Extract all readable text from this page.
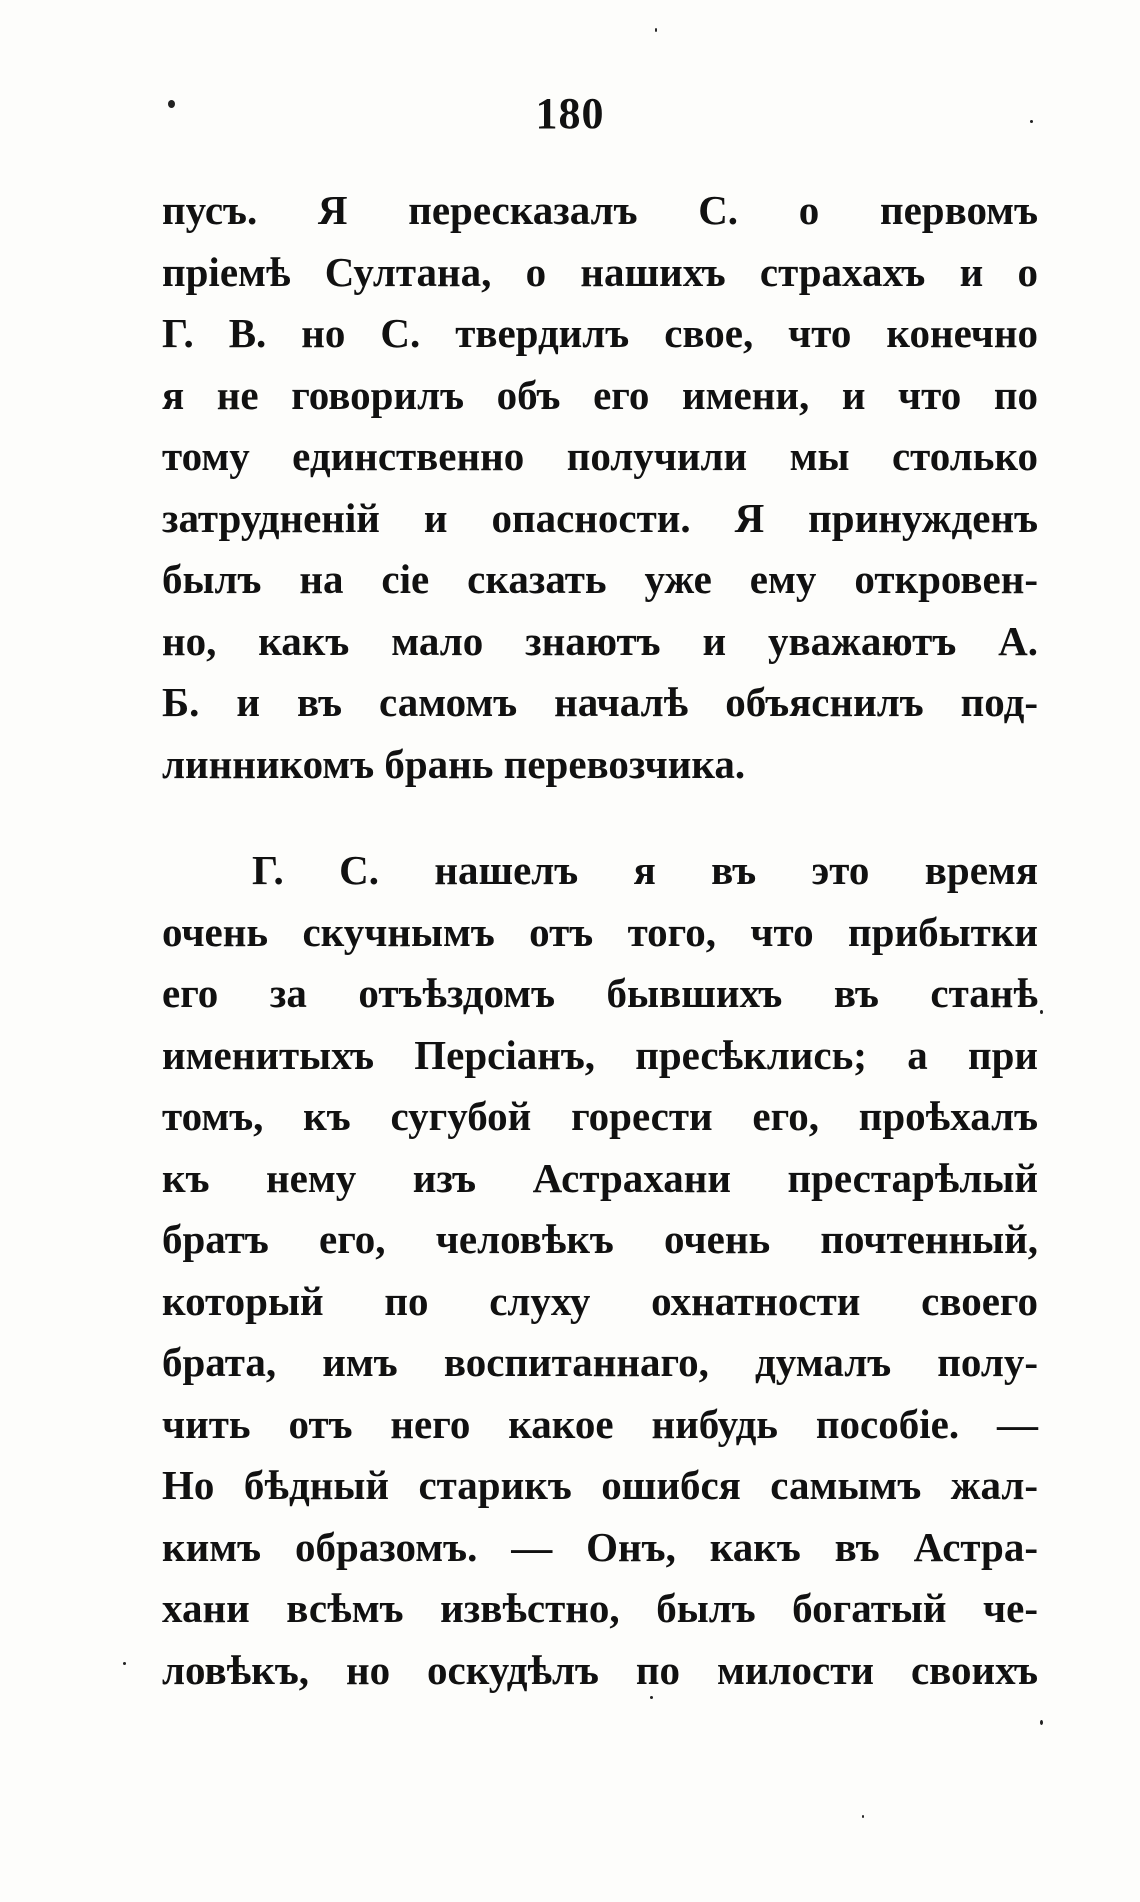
180
пусъ. Я пересказалъ С. о первомъ
пріемѣ Султана, о нашихъ страхахъ и о
Г. В. но С. твердилъ свое, что конечно
я не говорилъ объ его имени, и что по
тому единственно получили мы столько
затрудненій и опасности. Я принужденъ
былъ на сіе сказать уже ему откровен-
но, какъ мало знаютъ и уважаютъ А.
Б. и въ самомъ началѣ объяснилъ под-
линникомъ брань перевозчика.
Г. С. нашелъ я въ это время
очень скучнымъ отъ того, что прибытки
его за отъѣздомъ бывшихъ въ станѣ
именитыхъ Персіанъ, пресѣклись; а при
томъ, къ сугубой горести его, проѣхалъ
къ нему изъ Астрахани престарѣлый
братъ его, человѣкъ очень почтенный,
который по слуху охнатности своего
брата, имъ воспитаннаго, думалъ полу-
чить отъ него какое нибудь пособіе. —
Но бѣдный старикъ ошибся самымъ жал-
кимъ образомъ. — Онъ, какъ въ Астра-
хани всѣмъ извѣстно, былъ богатый че-
ловѣкъ, но оскудѣлъ по милости своихъ
